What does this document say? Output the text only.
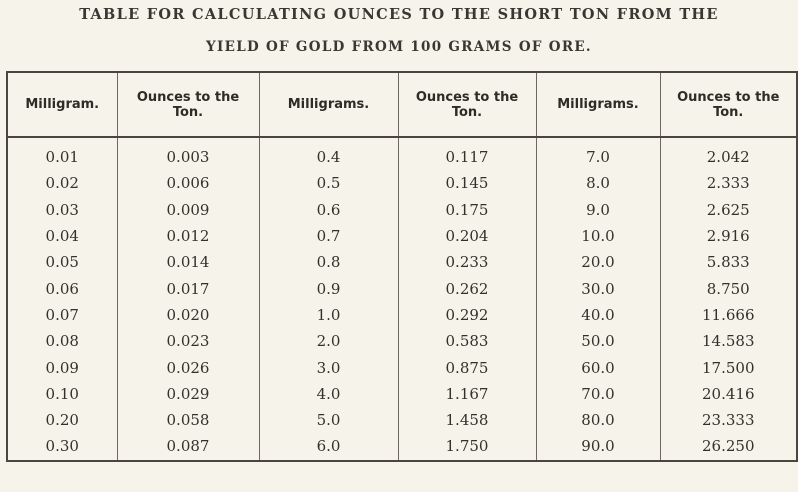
TABLE FOR CALCULATING OUNCES TO THE SHORT TON FROM THE
YIELD OF GOLD FROM 100 GRAMS OF ORE.
Milligram.	Ounces to the Ton.	Milligrams.	Ounces to the Ton.	Milligrams.	Ounces to the Ton.
0.01	0.003	0.4	0.117	7.0	2.042
0.02	0.006	0.5	0.145	8.0	2.333
0.03	0.009	0.6	0.175	9.0	2.625
0.04	0.012	0.7	0.204	10.0	2.916
0.05	0.014	0.8	0.233	20.0	5.833
0.06	0.017	0.9	0.262	30.0	8.750
0.07	0.020	1.0	0.292	40.0	11.666
0.08	0.023	2.0	0.583	50.0	14.583
0.09	0.026	3.0	0.875	60.0	17.500
0.10	0.029	4.0	1.167	70.0	20.416
0.20	0.058	5.0	1.458	80.0	23.333
0.30	0.087	6.0	1.750	90.0	26.250
